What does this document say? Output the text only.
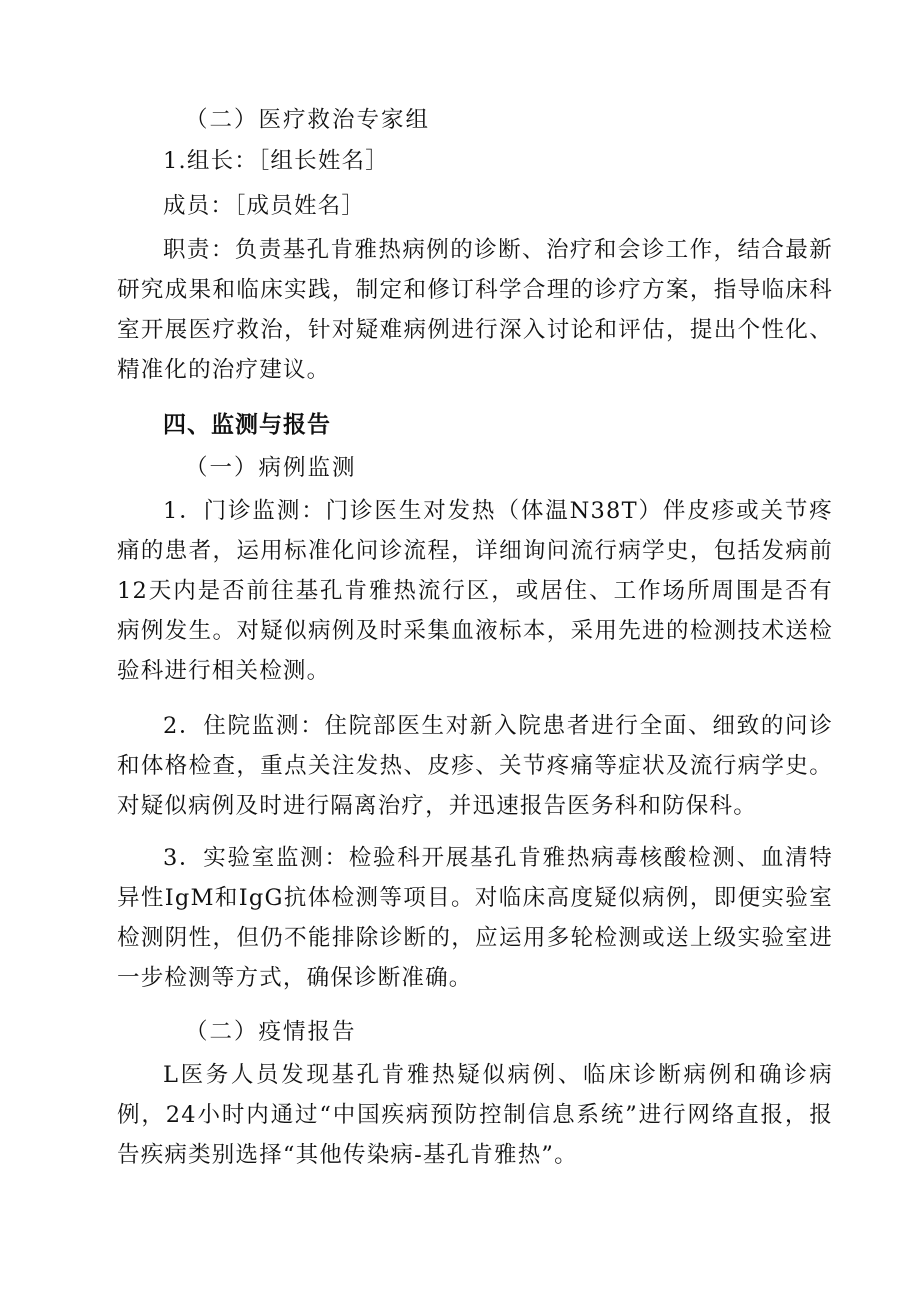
（二）医疗救治专家组

1.组长：［组长姓名］

成员：［成员姓名］

职责：负责基孔肯雅热病例的诊断、治疗和会诊工作，结合最新研究成果和临床实践，制定和修订科学合理的诊疗方案，指导临床科室开展医疗救治，针对疑难病例进行深入讨论和评估，提出个性化、精准化的治疗建议。

四、监测与报告

（一）病例监测

1．门诊监测：门诊医生对发热（体温N38T）伴皮疹或关节疼痛的患者，运用标准化问诊流程，详细询问流行病学史，包括发病前12天内是否前往基孔肯雅热流行区，或居住、工作场所周围是否有病例发生。对疑似病例及时采集血液标本，采用先进的检测技术送检验科进行相关检测。

2．住院监测：住院部医生对新入院患者进行全面、细致的问诊和体格检查，重点关注发热、皮疹、关节疼痛等症状及流行病学史。对疑似病例及时进行隔离治疗，并迅速报告医务科和防保科。

3．实验室监测：检验科开展基孔肯雅热病毒核酸检测、血清特异性IgM和IgG抗体检测等项目。对临床高度疑似病例，即便实验室检测阴性，但仍不能排除诊断的，应运用多轮检测或送上级实验室进一步检测等方式，确保诊断准确。

（二）疫情报告

L医务人员发现基孔肯雅热疑似病例、临床诊断病例和确诊病例，24小时内通过“中国疾病预防控制信息系统”进行网络直报，报告疾病类别选择“其他传染病-基孔肯雅热”。
